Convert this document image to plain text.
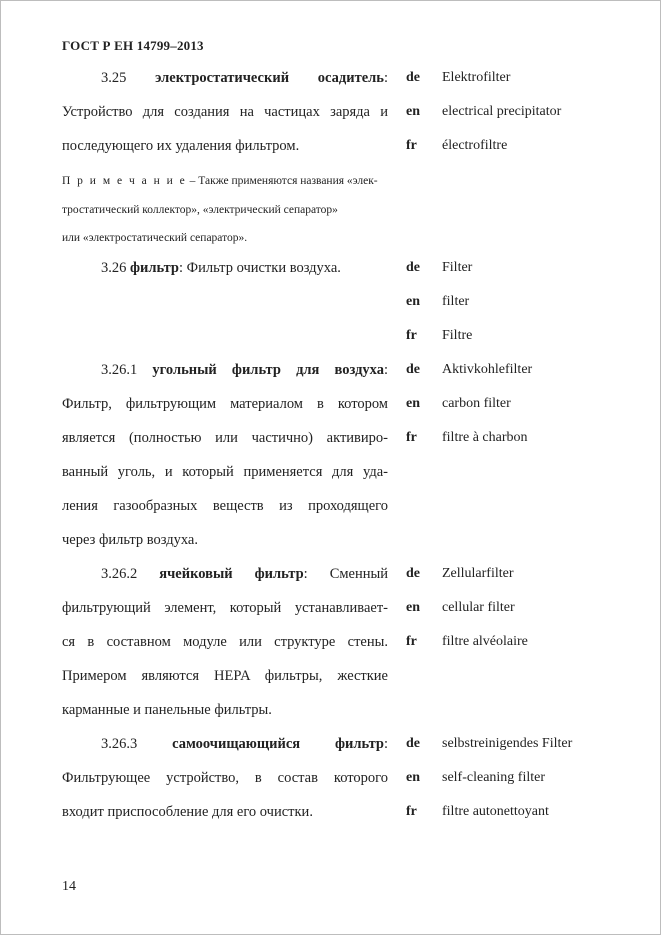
ГОСТ Р ЕН 14799–2013
3.25 электростатический осадитель:
Устройство для создания на частицах заряда и
последующего их удаления фильтром.
П р и м е ч а н и е – Также применяются названия «элек-
тростатический коллектор», «электрический сепаратор»
или «электростатический сепаратор».
de	Elektrofilter
en	electrical precipitator
fr	électrofiltre
3.26 фильтр: Фильтр очистки воздуха.	de	Filter
en	filter
fr	Filtre
3.26.1 угольный фильтр для воздуха:
Фильтр, фильтрующим материалом в котором
является (полностью или частично) активиро-
ванный уголь, и который применяется для уда-
ления газообразных веществ из проходящего
через фильтр воздуха.
de	Aktivkohlefilter
en	carbon filter
fr	filtre à charbon
3.26.2 ячейковый фильтр: Сменный
фильтрующий элемент, который устанавливает-
ся в составном модуле или структуре стены.
Примером являются HEPA фильтры, жесткие
карманные и панельные фильтры.
de	Zellularfilter
en	cellular filter
fr	filtre alvéolaire
3.26.3 самоочищающийся фильтр:
Фильтрующее устройство, в состав которого
входит приспособление для его очистки.
de	selbstreinigendes Filter
en	self-cleaning filter
fr	filtre autonettoyant
14
